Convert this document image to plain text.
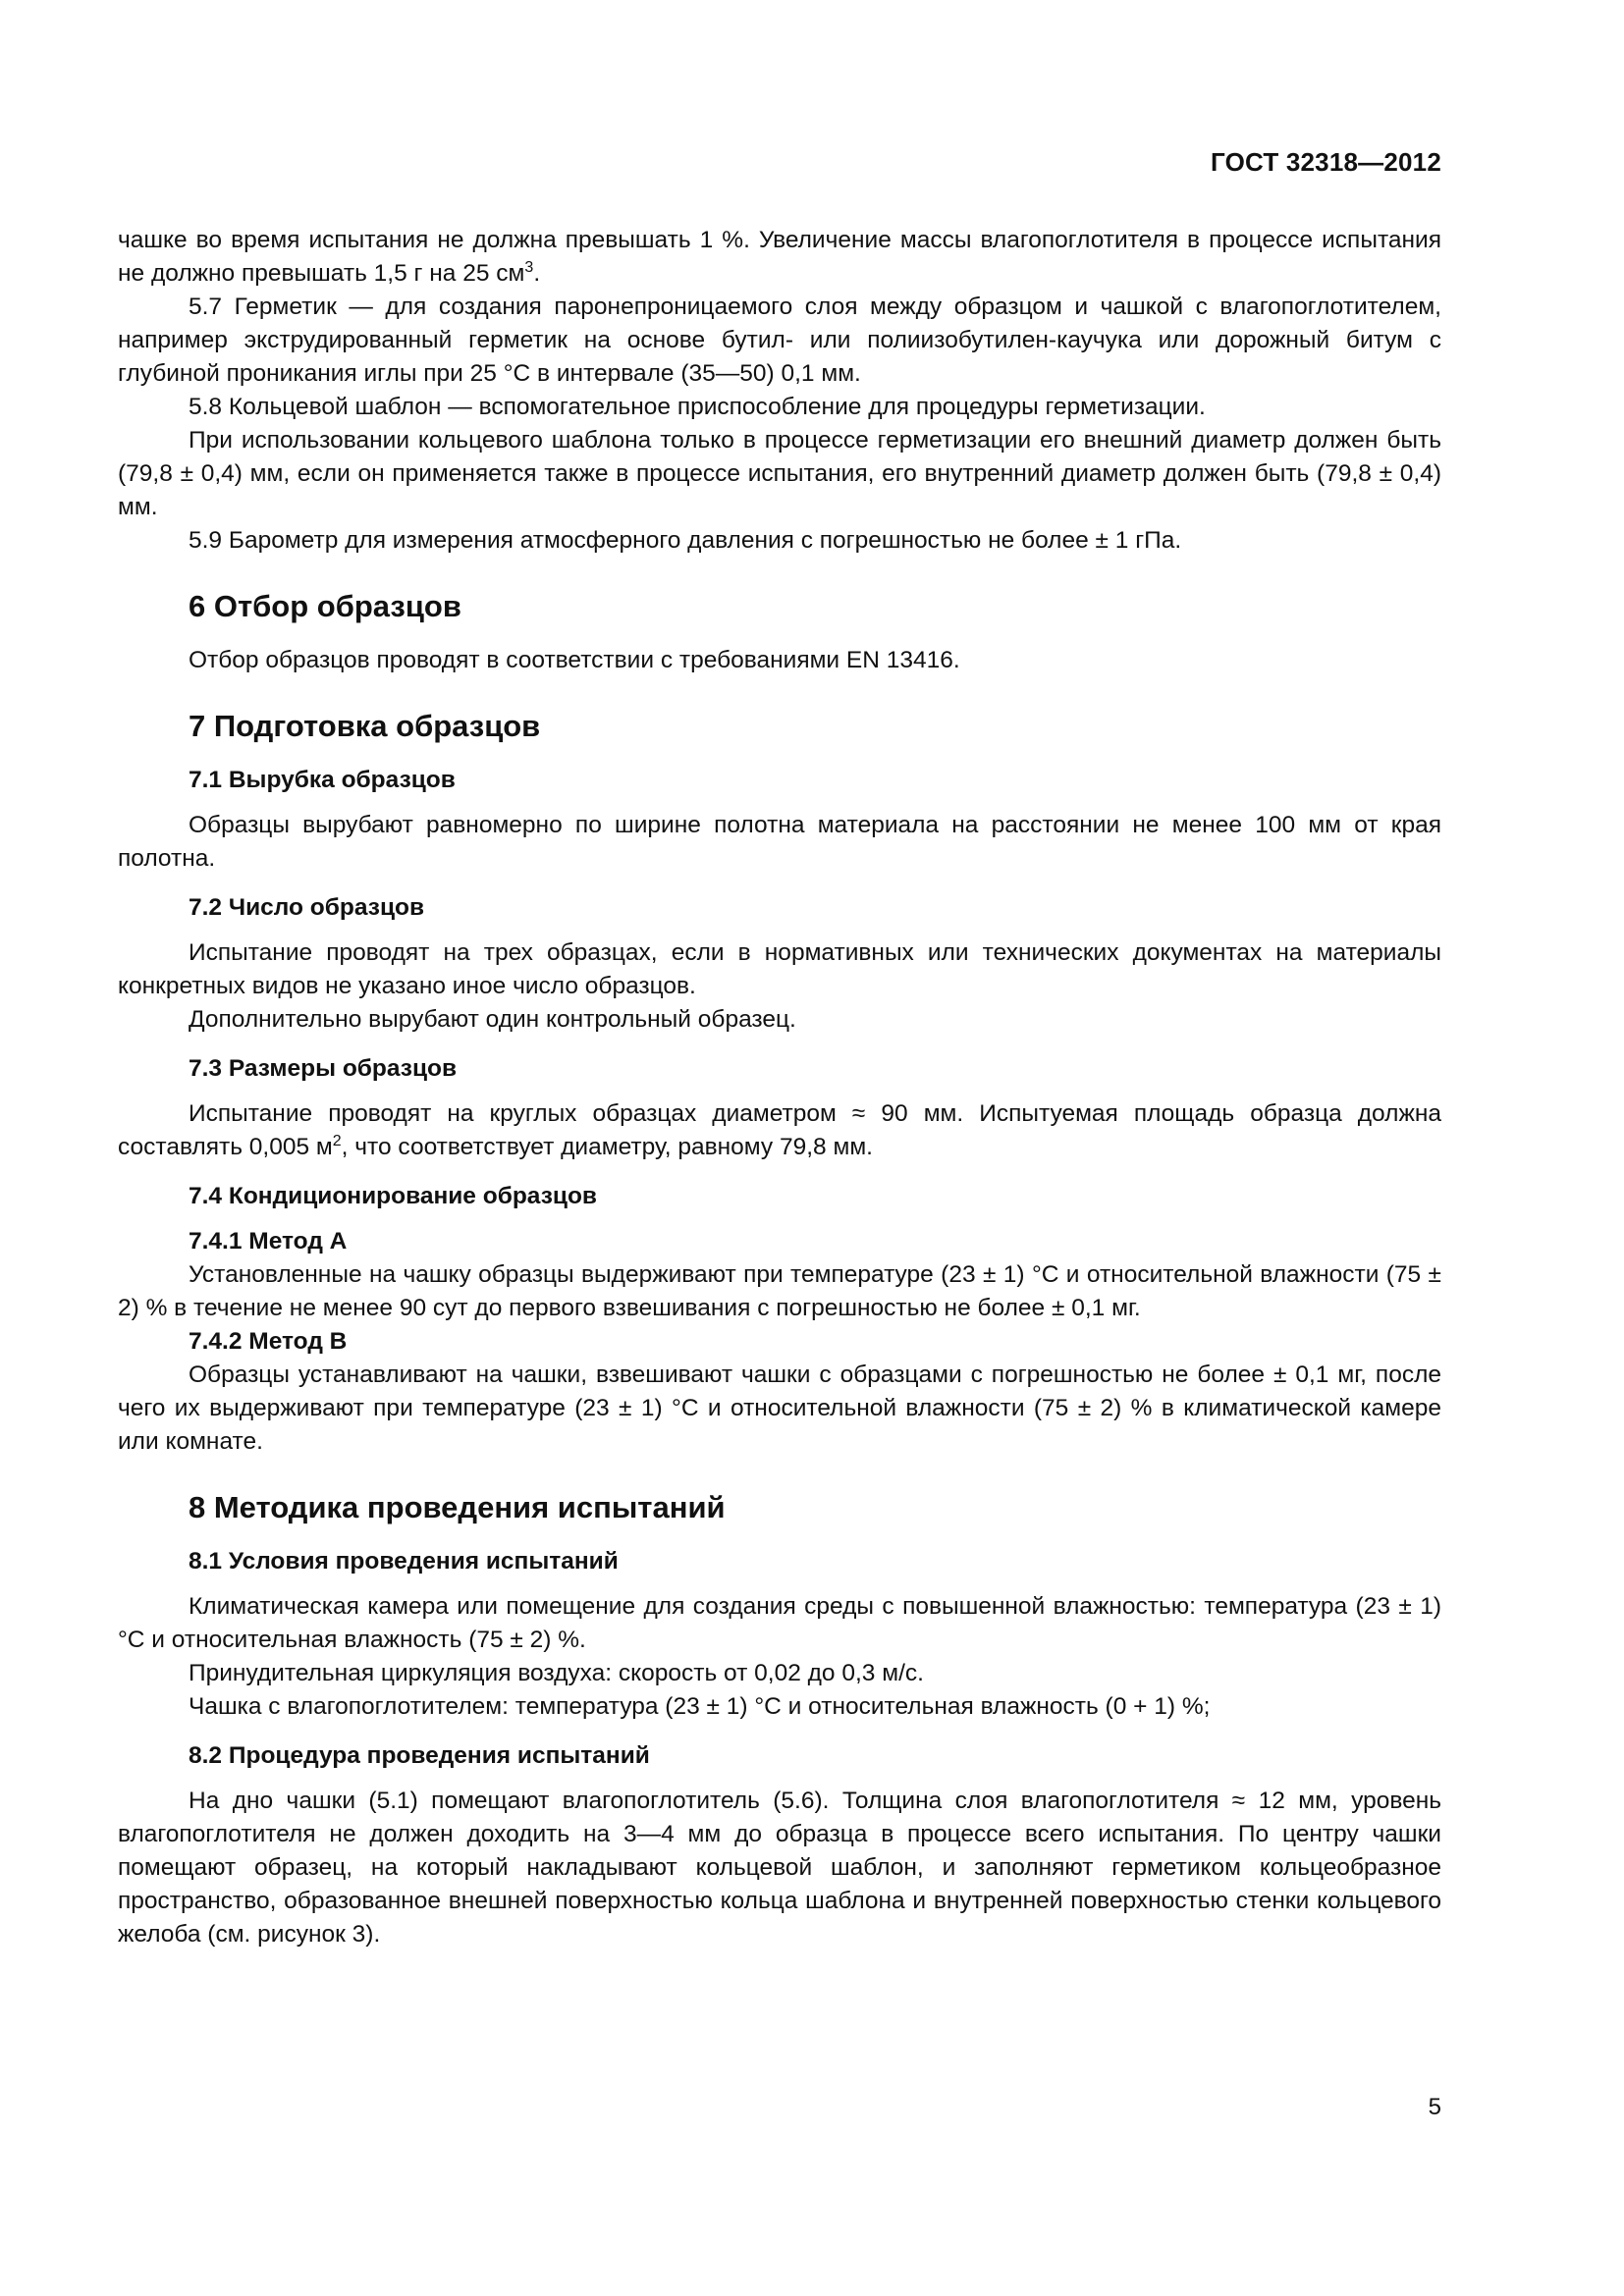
ГОСТ 32318—2012

чашке во время испытания не должна превышать 1 %. Увеличение массы влагопоглотителя в процессе испытания не должно превышать 1,5 г на 25 $см^3$.

5.7 Герметик — для создания паронепроницаемого слоя между образцом и чашкой с влагопоглотителем, например экструдированный герметик на основе бутил- или полиизобутилен-каучука или дорожный битум с глубиной проникания иглы при 25 °С в интервале (35—50) 0,1 мм.

5.8 Кольцевой шаблон — вспомогательное приспособление для процедуры герметизации.

При использовании кольцевого шаблона только в процессе герметизации его внешний диаметр должен быть (79,8 ± 0,4) мм, если он применяется также в процессе испытания, его внутренний диаметр должен быть (79,8 ± 0,4) мм.

5.9 Барометр для измерения атмосферного давления с погрешностью не более ± 1 гПа.

6 Отбор образцов

Отбор образцов проводят в соответствии с требованиями EN 13416.

7 Подготовка образцов
7.1 Вырубка образцов

Образцы вырубают равномерно по ширине полотна материала на расстоянии не менее 100 мм от края полотна.

7.2 Число образцов

Испытание проводят на трех образцах, если в нормативных или технических документах на материалы конкретных видов не указано иное число образцов.

Дополнительно вырубают один контрольный образец.

7.3 Размеры образцов

Испытание проводят на круглых образцах диаметром ≈ 90 мм. Испытуемая площадь образца должна составлять 0,005 $м^2$, что соответствует диаметру, равному 79,8 мм.

7.4 Кондиционирование образцов
7.4.1 Метод А

Установленные на чашку образцы выдерживают при температуре (23 ± 1) °С и относительной влажности (75 ± 2) % в течение не менее 90 сут до первого взвешивания с погрешностью не более ± 0,1 мг.

7.4.2 Метод В

Образцы устанавливают на чашки, взвешивают чашки с образцами с погрешностью не более ± 0,1 мг, после чего их выдерживают при температуре (23 ± 1) °С и относительной влажности (75 ± 2) % в климатической камере или комнате.

8 Методика проведения испытаний
8.1 Условия проведения испытаний

Климатическая камера или помещение для создания среды с повышенной влажностью: температура (23 ± 1) °С и относительная влажность (75 ± 2) %.

Принудительная циркуляция воздуха: скорость от 0,02 до 0,3 м/с.

Чашка с влагопоглотителем: температура (23 ± 1) °С и относительная влажность (0 + 1) %;

8.2 Процедура проведения испытаний

На дно чашки (5.1) помещают влагопоглотитель (5.6). Толщина слоя влагопоглотителя ≈ 12 мм, уровень влагопоглотителя не должен доходить на 3—4 мм до образца в процессе всего испытания. По центру чашки помещают образец, на который накладывают кольцевой шаблон, и заполняют герметиком кольцеобразное пространство, образованное внешней поверхностью кольца шаблона и внутренней поверхностью стенки кольцевого желоба (см. рисунок 3).

5
